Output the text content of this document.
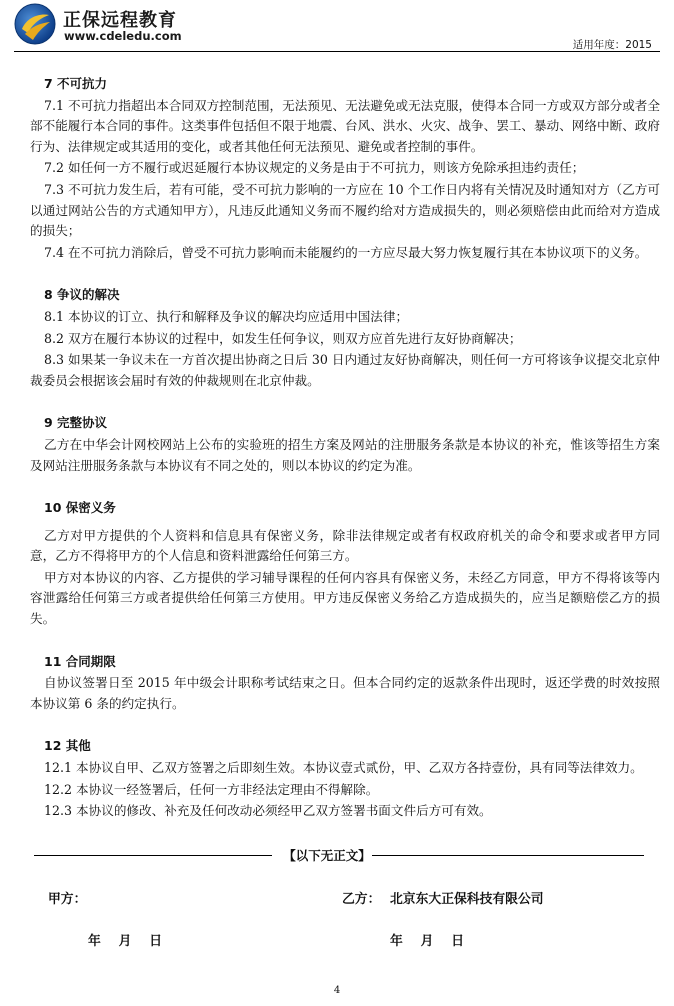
正保远程教育
www.cdeledu.com
适用年度：2015
7 不可抗力

7.1 不可抗力指超出本合同双方控制范围，无法预见、无法避免或无法克服，使得本合同一方或双方部分或者全部不能履行本合同的事件。这类事件包括但不限于地震、台风、洪水、火灾、战争、罢工、暴动、网络中断、政府行为、法律规定或其适用的变化，或者其他任何无法预见、避免或者控制的事件。

7.2 如任何一方不履行或迟延履行本协议规定的义务是由于不可抗力，则该方免除承担违约责任；

7.3 不可抗力发生后，若有可能，受不可抗力影响的一方应在 10 个工作日内将有关情况及时通知对方（乙方可以通过网站公告的方式通知甲方），凡违反此通知义务而不履约给对方造成损失的，则必须赔偿由此而给对方造成的损失；

7.4 在不可抗力消除后，曾受不可抗力影响而未能履约的一方应尽最大努力恢复履行其在本协议项下的义务。

8 争议的解决

8.1 本协议的订立、执行和解释及争议的解决均应适用中国法律；

8.2 双方在履行本协议的过程中，如发生任何争议，则双方应首先进行友好协商解决；

8.3 如果某一争议未在一方首次提出协商之日后 30 日内通过友好协商解决，则任何一方可将该争议提交北京仲裁委员会根据该会届时有效的仲裁规则在北京仲裁。

9 完整协议

乙方在中华会计网校网站上公布的实验班的招生方案及网站的注册服务条款是本协议的补充，惟该等招生方案及网站注册服务条款与本协议有不同之处的，则以本协议的约定为准。

10 保密义务

乙方对甲方提供的个人资料和信息具有保密义务，除非法律规定或者有权政府机关的命令和要求或者甲方同意，乙方不得将甲方的个人信息和资料泄露给任何第三方。

甲方对本协议的内容、乙方提供的学习辅导课程的任何内容具有保密义务，未经乙方同意，甲方不得将该等内容泄露给任何第三方或者提供给任何第三方使用。甲方违反保密义务给乙方造成损失的，应当足额赔偿乙方的损失。

11 合同期限

自协议签署日至 2015 年中级会计职称考试结束之日。但本合同约定的返款条件出现时，返还学费的时效按照本协议第 6 条的约定执行。

12 其他

12.1 本协议自甲、乙双方签署之后即刻生效。本协议壹式贰份，甲、乙双方各持壹份，具有同等法律效力。

12.2 本协议一经签署后，任何一方非经法定理由不得解除。

12.3 本协议的修改、补充及任何改动必须经甲乙双方签署书面文件后方可有效。

【以下无正文】
甲方：	乙方： 北京东大正保科技有限公司
年    月    日	年    月    日
4
